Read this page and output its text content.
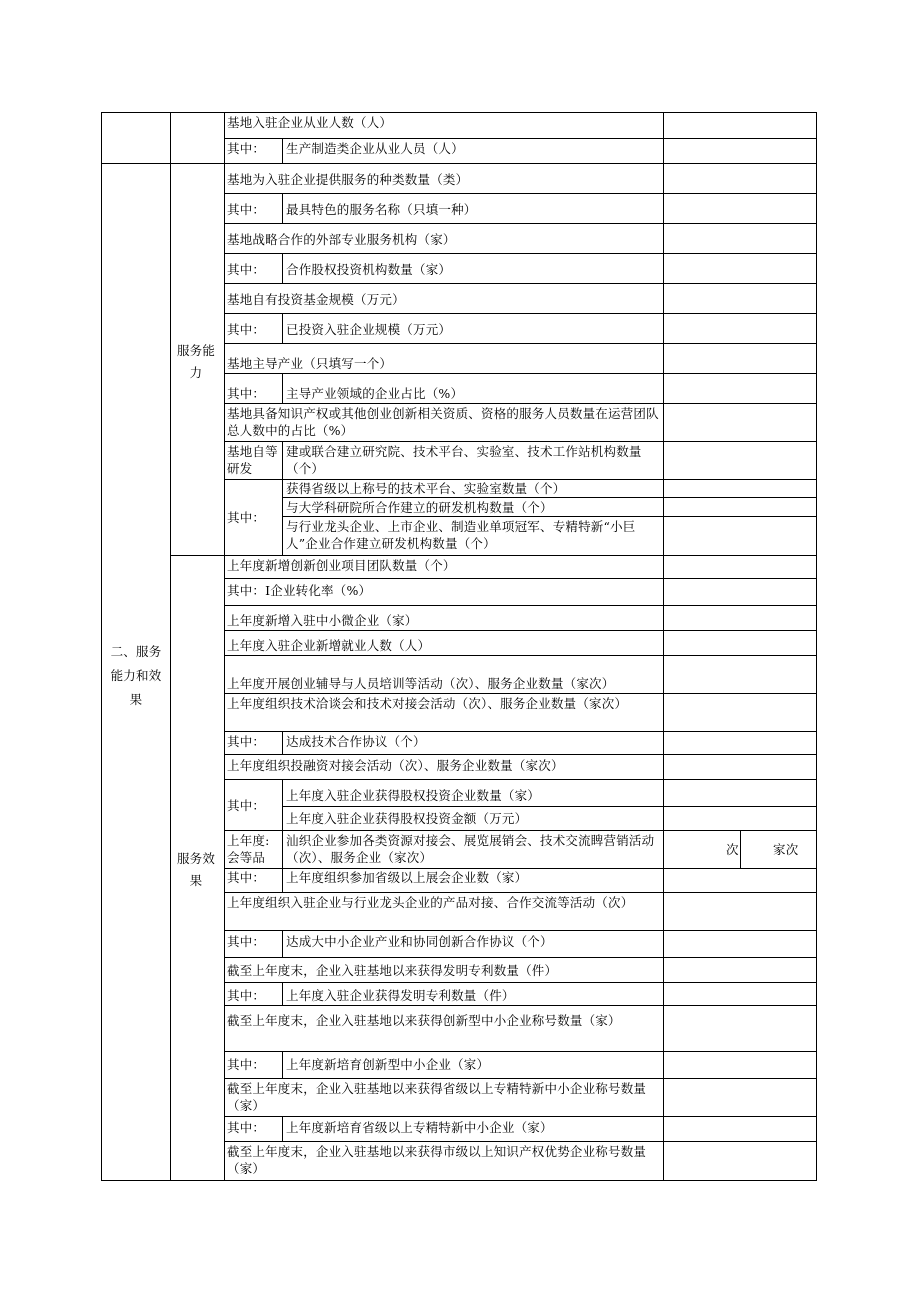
二、服务能力和效果
服务能力
服务效果
基地入驻企业从业人数（人）
其中： 生产制造类企业从业人员（人）
基地为入驻企业提供服务的种类数量（类）
其中： 最具特色的服务名称（只填一种）
基地战略合作的外部专业服务机构（家）
其中： 合作股权投资机构数量（家）
基地自有投资基金规模（万元）
其中： 已投资入驻企业规模（万元）
基地主导产业（只填写一个）
其中： 主导产业领域的企业占比（%）
基地具备知识产权或其他创业创新相关资质、资格的服务人员数量在运营团队总人数中的占比（%）
基地自等研发
建或联合建立研究院、技术平台、实验室、技术工作站机构数量（个）
其中：
获得省级以上称号的技术平台、实验室数量（个）
与大学科研院所合作建立的研发机构数量（个）
与行业龙头企业、上市企业、制造业单项冠军、专精特新“小巨人”企业合作建立研发机构数量（个）
上年度新增创新创业项目团队数量（个）
其中：I企业转化率（%）
上年度新增入驻中小微企业（家）
上年度入驻企业新增就业人数（人）
上年度开展创业辅导与人员培训等活动（次）、服务企业数量（家次）
上年度组织技术洽谈会和技术对接会活动（次）、服务企业数量（家次）
其中： 达成技术合作协议（个）
上年度组织投融资对接会活动（次）、服务企业数量（家次）
其中：
上年度入驻企业获得股权投资企业数量（家）
上年度入驻企业获得股权投资金额（万元）
上年度:会等品
汕织企业参加各类资源对接会、展览展销会、技术交流睥营销活动（次）、服务企业（家次）
次	家次
其中： 上年度组织参加省级以上展会企业数（家）
上年度组织入驻企业与行业龙头企业的产品对接、合作交流等活动（次）
其中： 达成大中小企业产业和协同创新合作协议（个）
截至上年度末，企业入驻基地以来获得发明专利数量（件）
其中： 上年度入驻企业获得发明专利数量（件）
截至上年度末，企业入驻基地以来获得创新型中小企业称号数量（家）
其中： 上年度新培育创新型中小企业（家）
截至上年度末，企业入驻基地以来获得省级以上专精特新中小企业称号数量（家）
其中： 上年度新培育省级以上专精特新中小企业（家）
截至上年度末，企业入驻基地以来获得市级以上知识产权优势企业称号数量（家）
